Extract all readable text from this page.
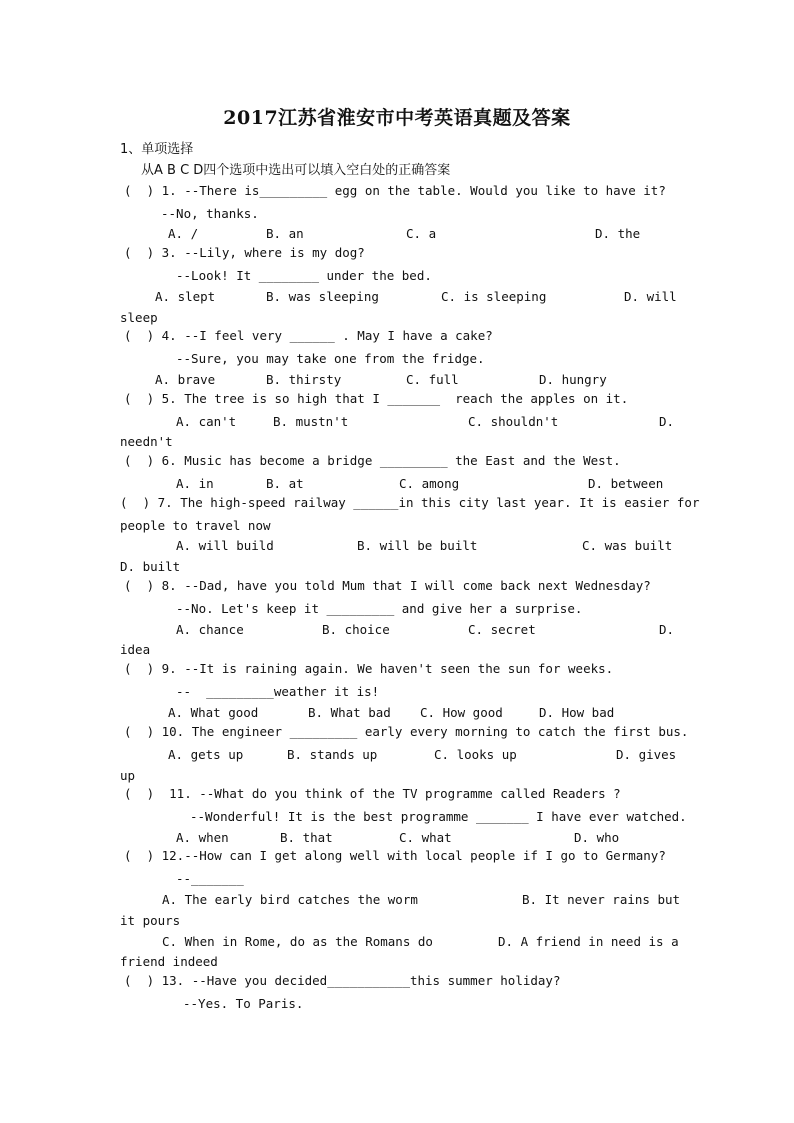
2017江苏省淮安市中考英语真题及答案
1、单项选择
从A B C D四个选项中选出可以填入空白处的正确答案
(  ) 1. --There is_________ egg on the table. Would you like to have it?
--No, thanks.
A. /	B. an	C. a	D. the
(  ) 3. --Lily, where is my dog?
--Look! It ________ under the bed.
A. slept	B. was sleeping	C. is sleeping	D. will
sleep
(  ) 4. --I feel very ______ . May I have a cake?
--Sure, you may take one from the fridge.
A. brave	B. thirsty	C. full	D. hungry
(  ) 5. The tree is so high that I _______  reach the apples on it.
A. can't	B. mustn't	C. shouldn't	D.
needn't
(  ) 6. Music has become a bridge _________ the East and the West.
A. in	B. at	C. among	D. between
(  ) 7. The high-speed railway ______in this city last year. It is easier for
people to travel now
A. will build	B. will be built	C. was built
D. built
(  ) 8. --Dad, have you told Mum that I will come back next Wednesday?
--No. Let's keep it _________ and give her a surprise.
A. chance	B. choice	C. secret	D.
idea
(  ) 9. --It is raining again. We haven't seen the sun for weeks.
--  _________weather it is!
A. What good	B. What bad C. How good	D. How bad
(  ) 10. The engineer _________ early every morning to catch the first bus.
A. gets up	B. stands up	C. looks up	D. gives
up
(  )  11. --What do you think of the TV programme called Readers ?
--Wonderful! It is the best programme _______ I have ever watched.
A. when	B. that	C. what	D. who
(  ) 12.--How can I get along well with local people if I go to Germany?
--_______
A. The early bird catches the worm	B. It never rains but
it pours
C. When in Rome, do as the Romans do	D. A friend in need is a
friend indeed
(  ) 13. --Have you decided___________this summer holiday?
--Yes. To Paris.
